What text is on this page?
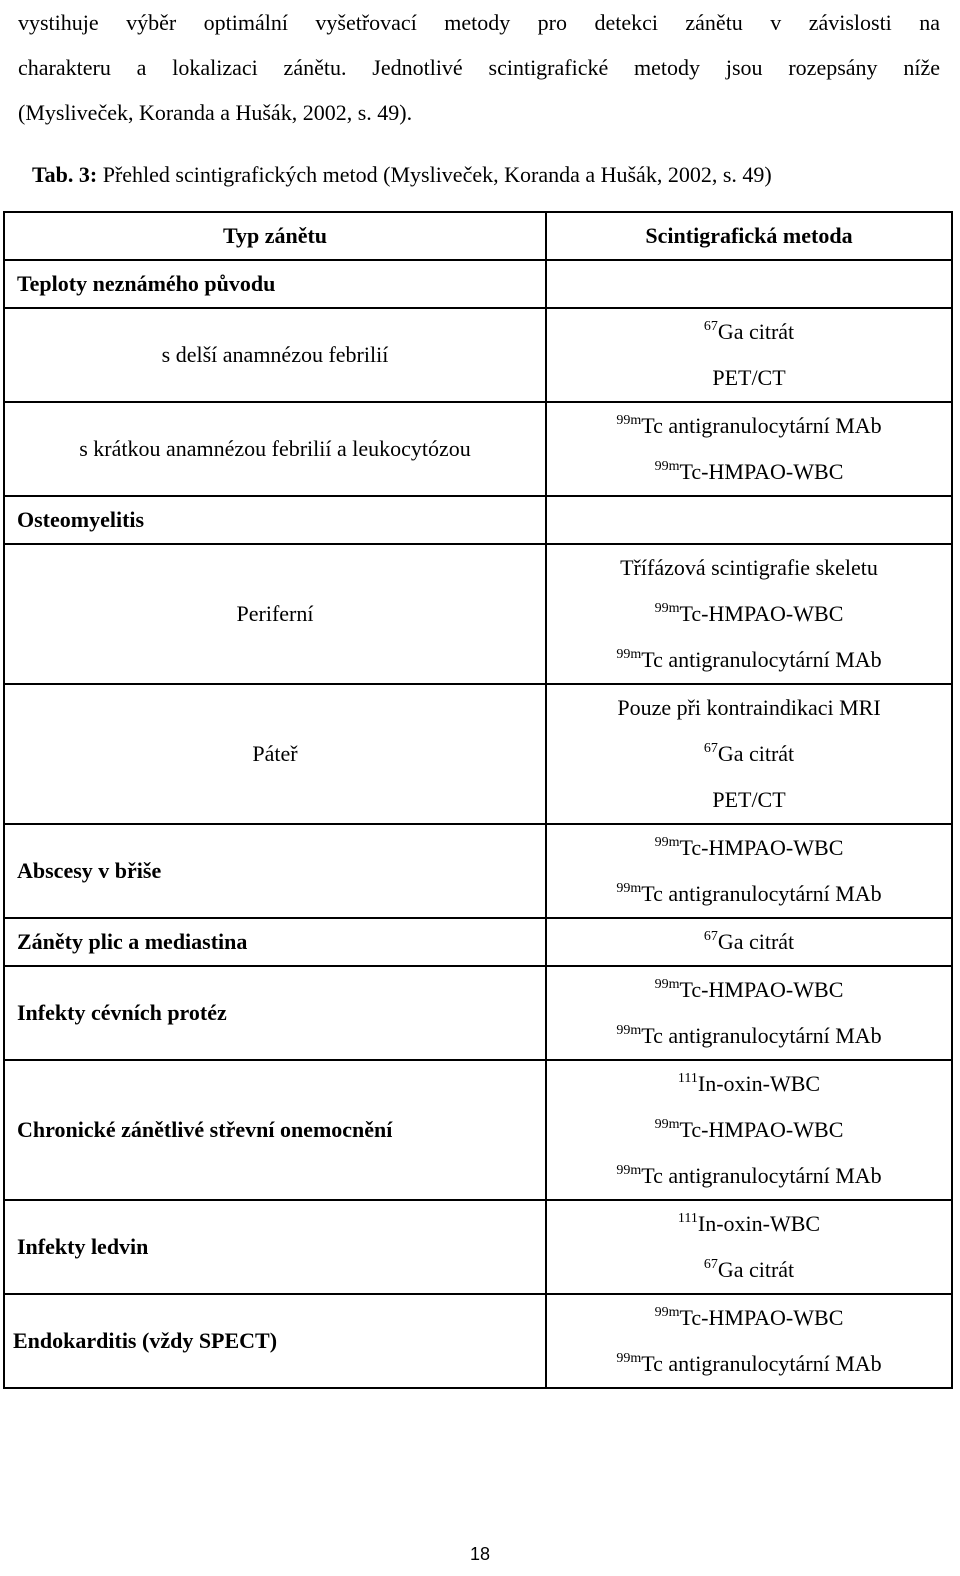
vystihuje výběr optimální vyšetřovací metody pro detekci zánětu v závislosti na

charakteru a lokalizaci zánětu. Jednotlivé scintigrafické metody jsou rozepsány níže

(Mysliveček, Koranda a Hušák, 2002, s. 49).

Tab. 3: Přehled scintigrafických metod (Mysliveček, Koranda a Hušák, 2002, s. 49)
Typ zánětu	Scintigrafická metoda
Teploty neznámého původu	
s delší anamnézou febrilií	$^{67}$Ga citrát
PET/CT

s krátkou anamnézou febrilií a leukocytózou	$^{99m}$Tc antigranulocytární MAb
$^{99m}$Tc-HMPAO-WBC

Osteomyelitis	
Periferní	Třífázová scintigrafie skeletu
$^{99m}$Tc-HMPAO-WBC
$^{99m}$Tc antigranulocytární MAb

Páteř	Pouze při kontraindikaci MRI
$^{67}$Ga citrát
PET/CT

Abscesy v břiše	$^{99m}$Tc-HMPAO-WBC
$^{99m}$Tc antigranulocytární MAb

Záněty plic a mediastina	$^{67}$Ga citrát

Infekty cévních protéz	$^{99m}$Tc-HMPAO-WBC
$^{99m}$Tc antigranulocytární MAb

Chronické zánětlivé střevní onemocnění	$^{111}$In-oxin-WBC
$^{99m}$Tc-HMPAO-WBC
$^{99m}$Tc antigranulocytární MAb

Infekty ledvin	$^{111}$In-oxin-WBC
$^{67}$Ga citrát

Endokarditis (vždy SPECT)	$^{99m}$Tc-HMPAO-WBC
$^{99m}$Tc antigranulocytární MAb
18
